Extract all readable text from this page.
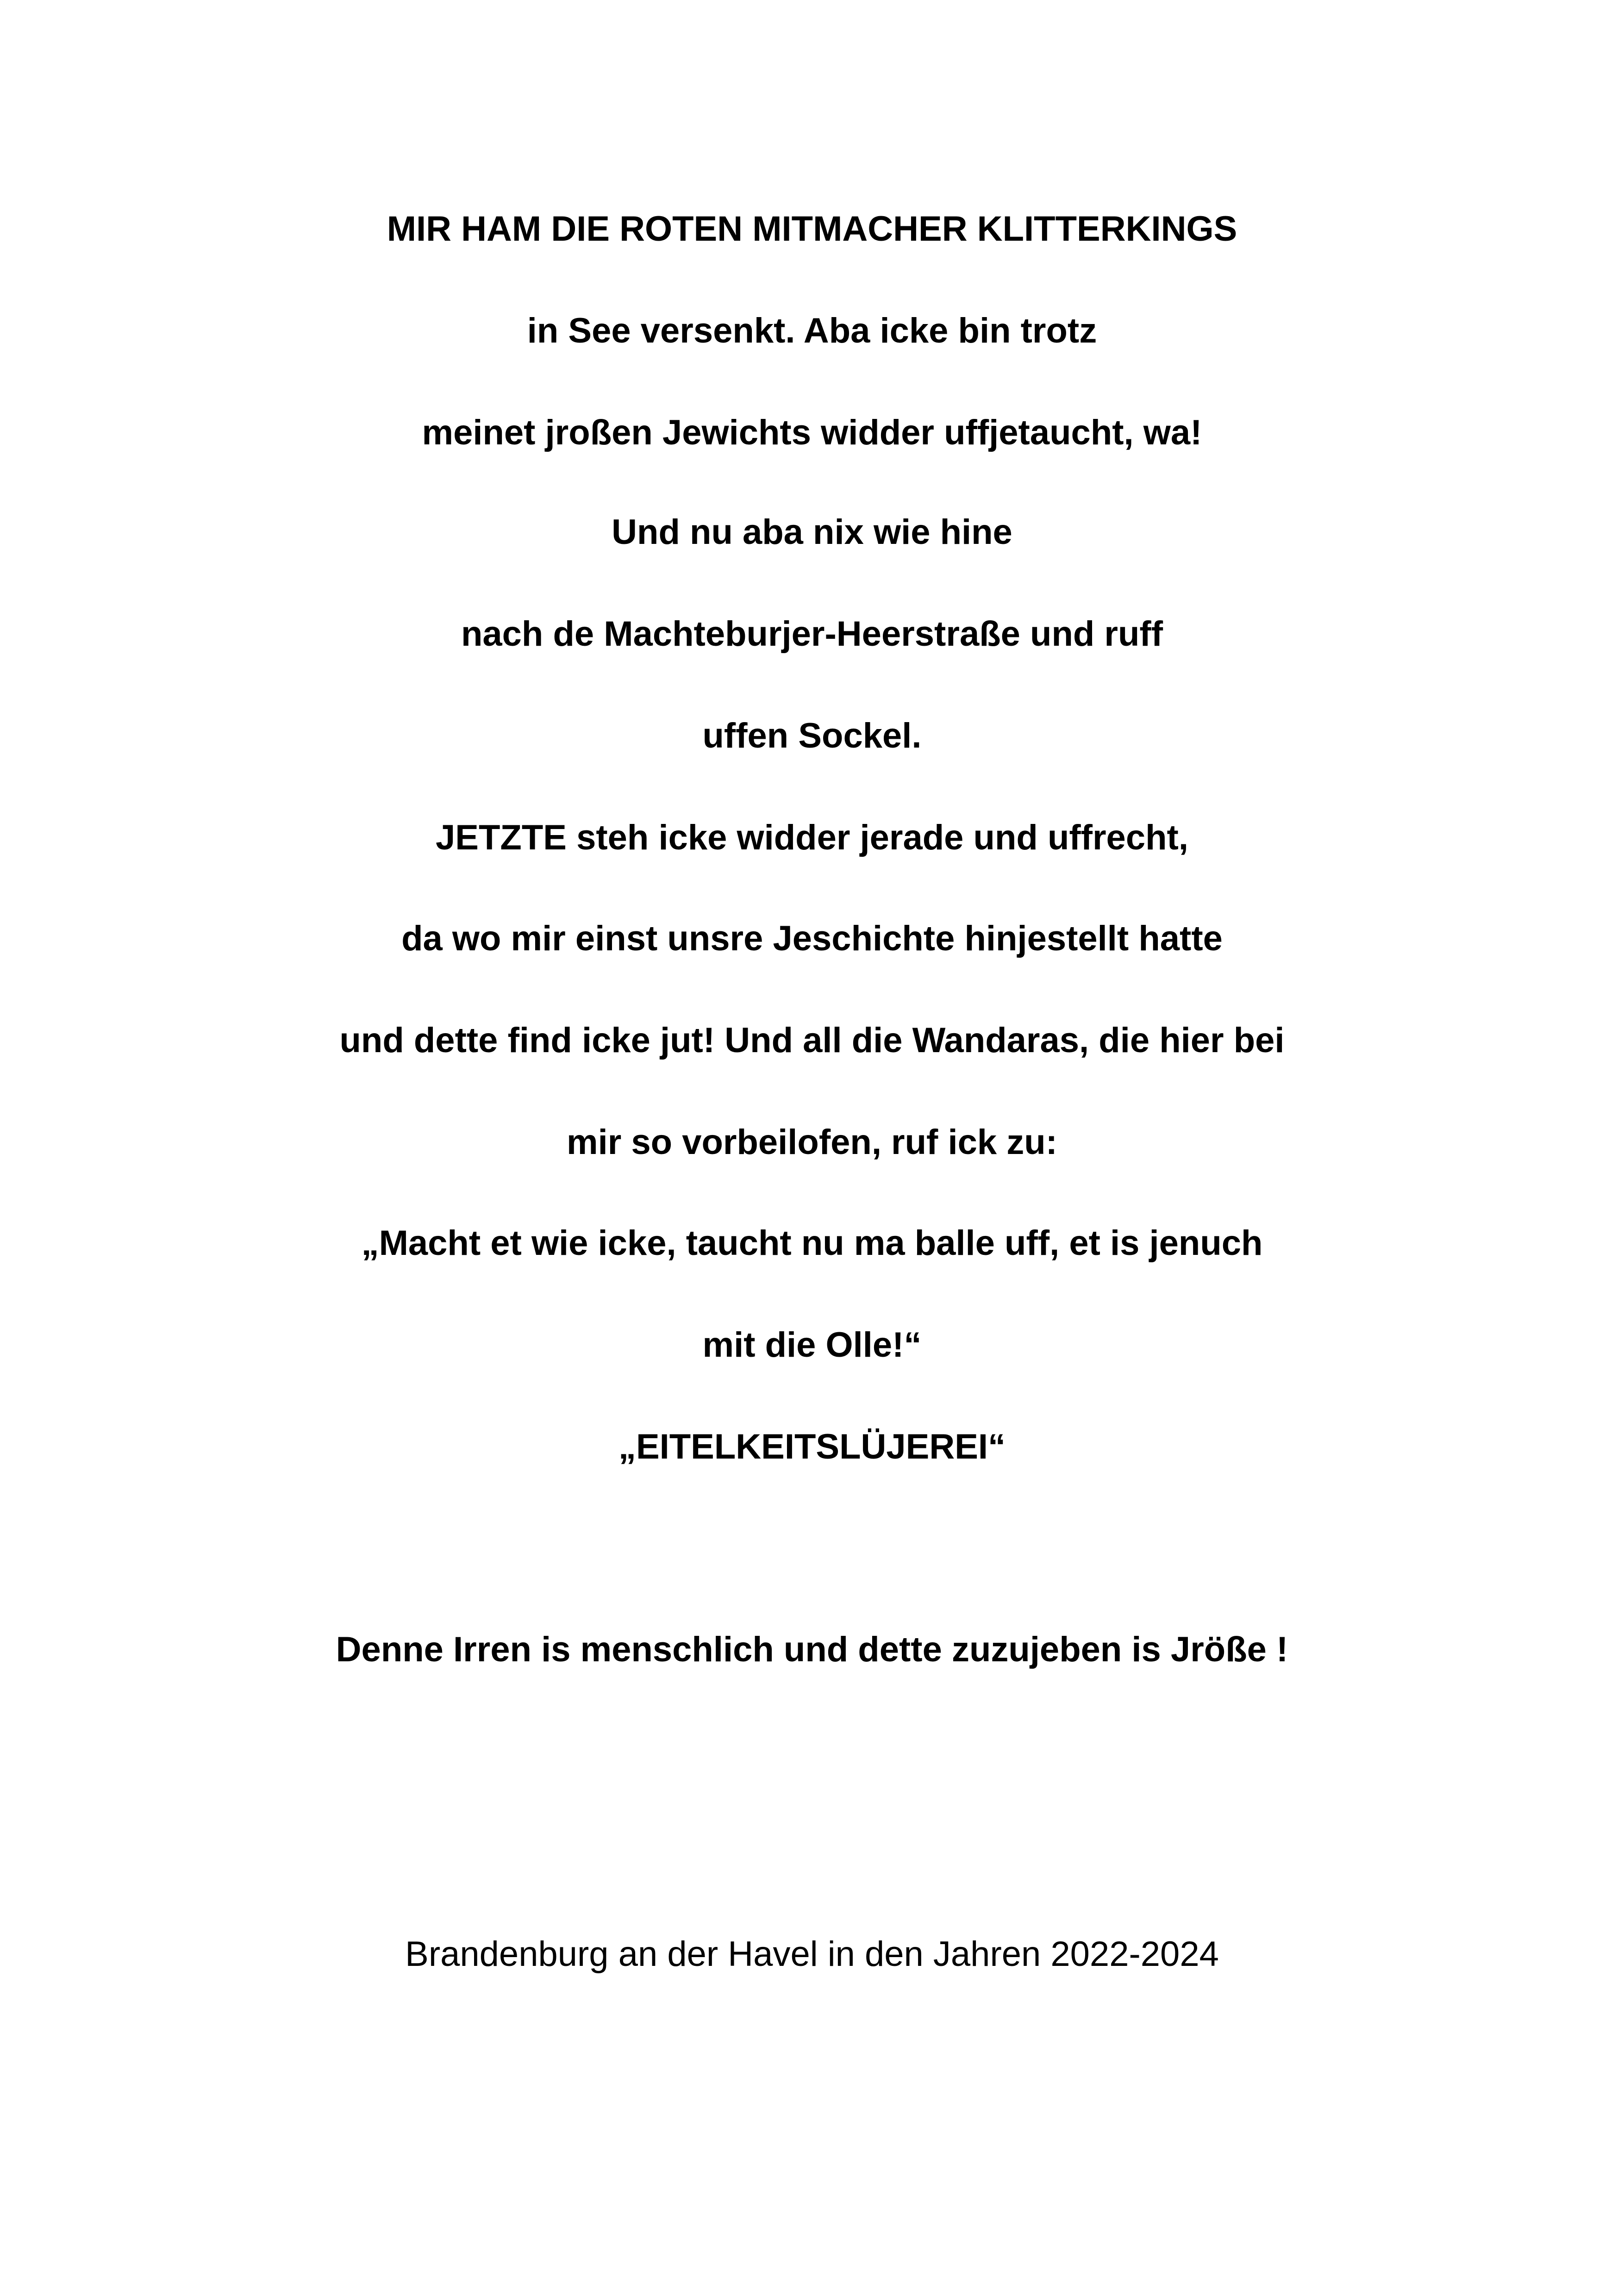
MIR HAM DIE ROTEN MITMACHER KLITTERKINGS
in See versenkt. Aba icke bin trotz
meinet jroßen Jewichts widder uffjetaucht, wa!
Und nu aba nix wie hine
nach de Machteburjer-Heerstraße und ruff
uffen Sockel.
JETZTE steh icke widder jerade und uffrecht,
da wo mir einst unsre Jeschichte hinjestellt hatte
und dette find icke jut! Und all die Wandaras, die hier bei
mir so vorbeilofen, ruf ick zu:
„Macht et wie icke, taucht nu ma balle uff, et is jenuch
mit die Olle!“
„EITELKEITSLÜJEREI“
Denne Irren is menschlich und dette zuzujeben is Jröße !
Brandenburg an der Havel in den Jahren 2022-2024
